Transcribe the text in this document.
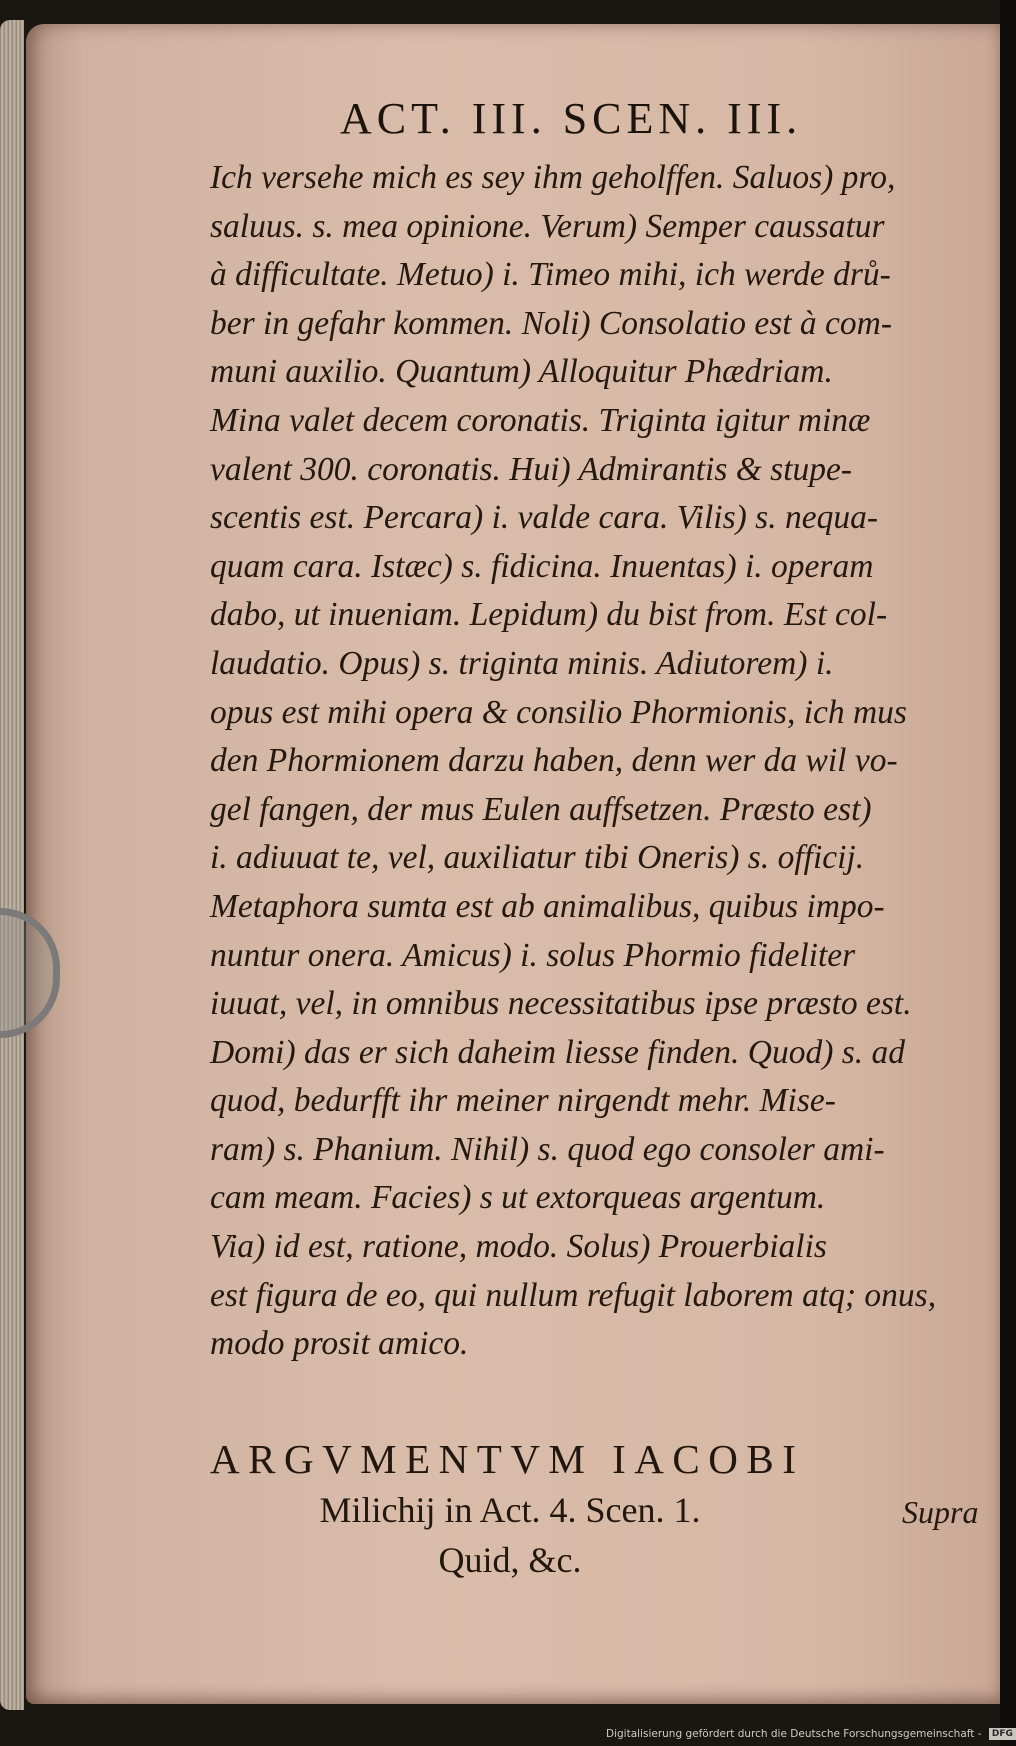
ACT. III. SCEN. III.
Ich versehe mich es sey ihm geholffen. Saluos) pro,
saluus. s. mea opinione. Verum) Semper caussatur
à difficultate. Metuo) i. Timeo mihi, ich werde drů-
ber in gefahr kommen. Noli) Consolatio est à com-
muni auxilio. Quantum) Alloquitur Phædriam.
Mina valet decem coronatis. Triginta igitur minæ
valent 300. coronatis. Hui) Admirantis & stupe-
scentis est. Percara) i. valde cara. Vilis) s. nequa-
quam cara. Istæc) s. fidicina. Inuentas) i. operam
dabo, ut inueniam. Lepidum) du bist from. Est col-
laudatio. Opus) s. triginta minis. Adiutorem) i.
opus est mihi opera & consilio Phormionis, ich mus
den Phormionem darzu haben, denn wer da wil vo-
gel fangen, der mus Eulen auffsetzen. Præsto est)
i. adiuuat te, vel, auxiliatur tibi Oneris) s. officij.
Metaphora sumta est ab animalibus, quibus impo-
nuntur onera. Amicus) i. solus Phormio fideliter
iuuat, vel, in omnibus necessitatibus ipse præsto est.
Domi) das er sich daheim liesse finden. Quod) s. ad
quod, bedurfft ihr meiner nirgendt mehr. Mise-
ram) s. Phanium. Nihil) s. quod ego consoler ami-
cam meam. Facies) s ut extorqueas argentum.
Via) id est, ratione, modo. Solus) Prouerbialis
est figura de eo, qui nullum refugit laborem atq; onus,
modo prosit amico.
ARGVMENTVM IACOBI
Milichij in Act. 4. Scen. 1.
Quid, &c.
Supra
Digitalisierung gefördert durch die Deutsche Forschungsgemeinschaft - DFG
